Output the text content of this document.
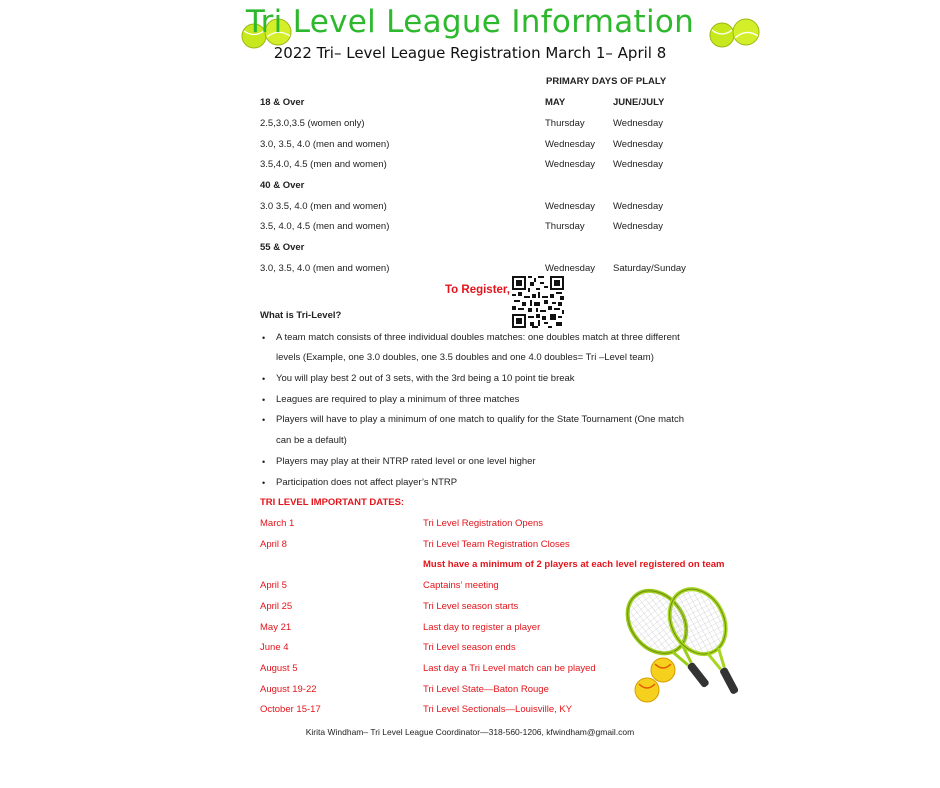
Tri Level League Information
2022 Tri– Level League Registration March 1– April 8
PRIMARY DAYS OF PLALY
MAY	JUNE/JULY
18 & Over
2.5,3.0,3.5 (women only)	Thursday	Wednesday
3.0, 3.5, 4.0 (men and women)	Wednesday Wednesday
3.5,4.0, 4.5 (men and women)	Wednesday Wednesday
40 & Over
3.0 3.5, 4.0 (men and women)	Wednesday Wednesday
3.5, 4.0, 4.5 (men and women)	Thursday	Wednesday
55 & Over
3.0, 3.5, 4.0 (men and women)	Wednesday Saturday/Sunday
To Register,
What is Tri-Level?
• A team match consists of three individual doubles matches: one doubles match at three different
levels (Example, one 3.0 doubles, one 3.5 doubles and one 4.0 doubles= Tri –Level team)
• You will play best 2 out of 3 sets, with the 3rd being a 10 point tie break
• Leagues are required to play a minimum of three matches
• Players will have to play a minimum of one match to qualify for the State Tournament (One match
can be a default)
• Players may play at their NTRP rated level or one level higher
• Participation does not affect player’s NTRP
TRI LEVEL IMPORTANT DATES:
March 1	Tri Level Registration Opens
April 8	Tri Level Team Registration Closes
Must have a minimum of 2 players at each level registered on team
April 5	Captains’ meeting
April 25	Tri Level season starts
May 21	Last day to register a player
June 4	Tri Level season ends
August 5	Last day a Tri Level match can be played
August 19-22	Tri Level State—Baton Rouge
October 15-17	Tri Level Sectionals—Louisville, KY
Kirita Windham– Tri Level League Coordinator—318-560-1206, kfwindham@gmail.com
